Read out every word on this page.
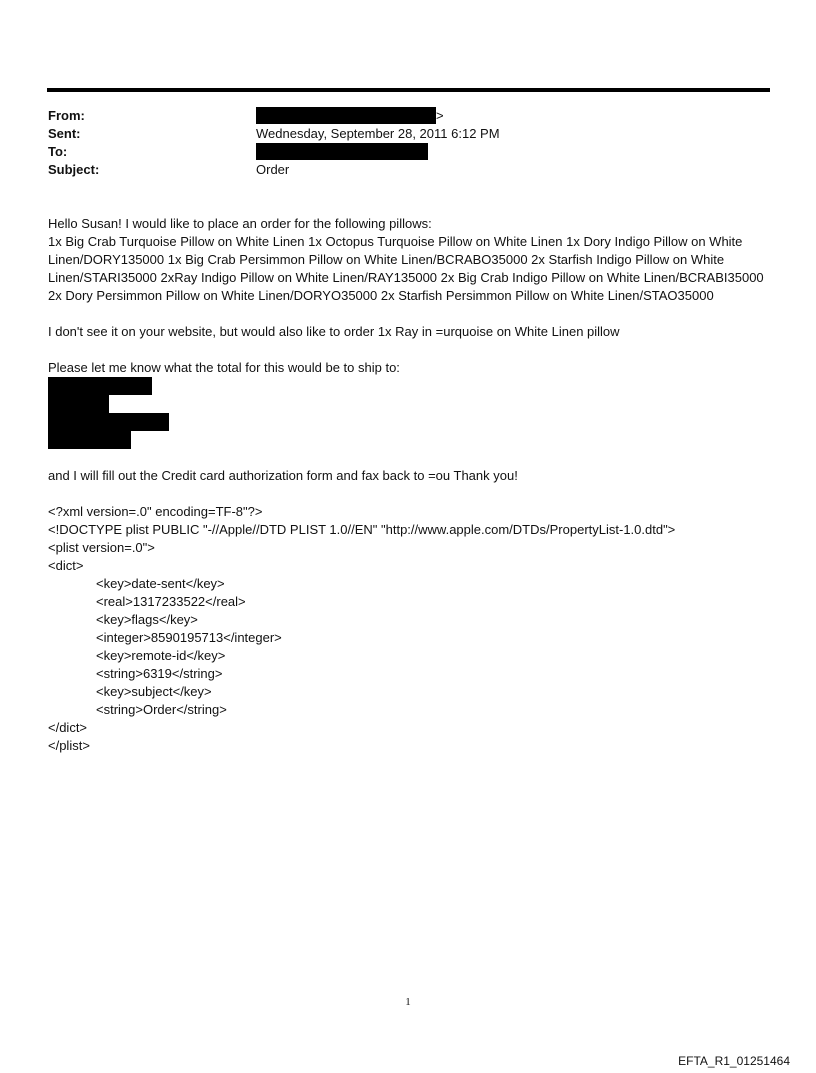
From:	>
Sent:	Wednesday, September 28, 2011 6:12 PM
To:
Subject:	Order

Hello Susan! I would like to place an order for the following pillows:

1x Big Crab Turquoise Pillow on White Linen 1x Octopus Turquoise Pillow on White Linen 1x Dory Indigo Pillow on White Linen/DORY135000 1x Big Crab Persimmon Pillow on White Linen/BCRABO35000 2x Starfish Indigo Pillow on White Linen/STARI35000 2xRay Indigo Pillow on White Linen/RAY135000 2x Big Crab Indigo Pillow on White Linen/BCRABI35000 2x Dory Persimmon Pillow on White Linen/DORYO35000 2x Starfish Persimmon Pillow on White Linen/STAO35000

I don't see it on your website, but would also like to order 1x Ray in =urquoise on White Linen pillow

Please let me know what the total for this would be to ship to:

and I will fill out the Credit card authorization form and fax back to =ou Thank you!

<?xml version=.0" encoding=TF-8"?>

<!DOCTYPE plist PUBLIC "-//Apple//DTD PLIST 1.0//EN" "http://www.apple.com/DTDs/PropertyList-1.0.dtd">

<plist version=.0">

<dict>

<key>date-sent</key>

<real>1317233522</real>

<key>flags</key>

<integer>8590195713</integer>

<key>remote-id</key>

<string>6319</string>

<key>subject</key>

<string>Order</string>

</dict>

</plist>

1
EFTA_R1_01251464
